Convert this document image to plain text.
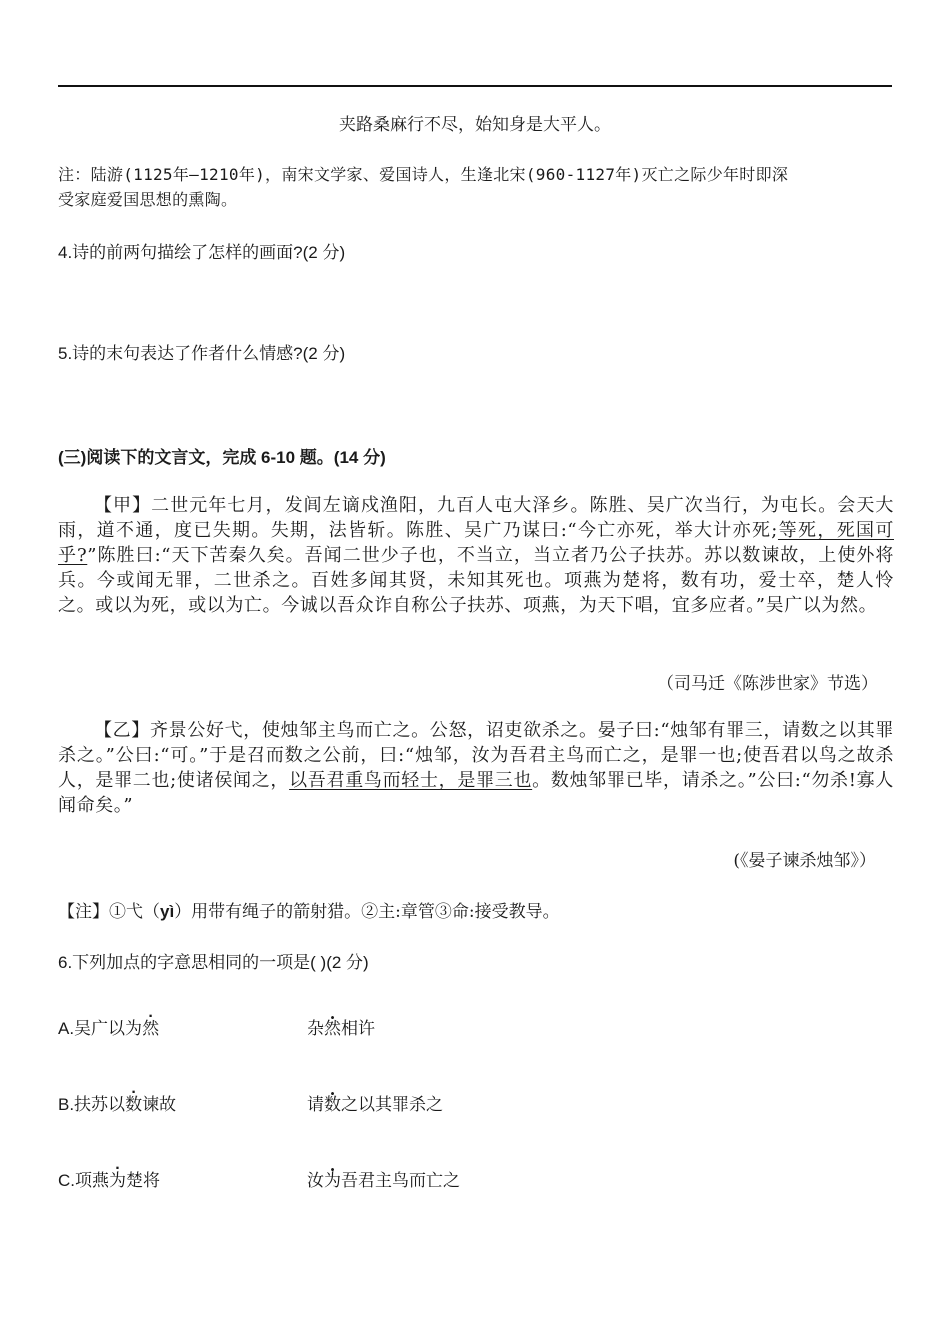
夹路桑麻行不尽，始知身是大平人。
注：陆游(1125年—1210年)，南宋文学家、爱国诗人，生逢北宋(960-1127年)灭亡之际少年时即深
受家庭爱国思想的熏陶。
4.诗的前两句描绘了怎样的画面?(2 分)
5.诗的末句表达了作者什么情感?(2 分)
(三)阅读下的文言文，完成 6-10 题。(14 分)
【甲】二世元年七月，发闾左谪戍渔阳，九百人屯大泽乡。陈胜、吴广次当行，为屯长。会天大雨，道不通，度已失期。失期，法皆斩。陈胜、吴广乃谋曰:“今亡亦死，举大计亦死;等死，死国可乎?”陈胜曰:“天下苦秦久矣。吾闻二世少子也，不当立，当立者乃公子扶苏。苏以数谏故，上使外将兵。今或闻无罪，二世杀之。百姓多闻其贤，未知其死也。项燕为楚将，数有功，爱士卒，楚人怜之。或以为死，或以为亡。今诚以吾众诈自称公子扶苏、项燕，为天下唱，宜多应者。”吴广以为然。
（司马迁《陈涉世家》节选）
【乙】齐景公好弋，使烛邹主鸟而亡之。公怒，诏吏欲杀之。晏子曰:“烛邹有罪三，请数之以其罪杀之。”公曰:“可。”于是召而数之公前，曰:“烛邹，汝为吾君主鸟而亡之，是罪一也;使吾君以鸟之故杀人，是罪二也;使诸侯闻之，以吾君重鸟而轻士，是罪三也。数烛邹罪已毕，请杀之。”公曰:“勿杀!寡人闻命矣。”
(《晏子谏杀烛邹》）
【注】①弋（yì）用带有绳子的箭射猎。②主:章管③命:接受教导。
6.下列加点的字意思相同的一项是( )(2 分)
A.吴广以为然	杂然相许
B.扶苏以数谏故	请数之以其罪杀之
C.项燕为楚将	汝为吾君主鸟而亡之
